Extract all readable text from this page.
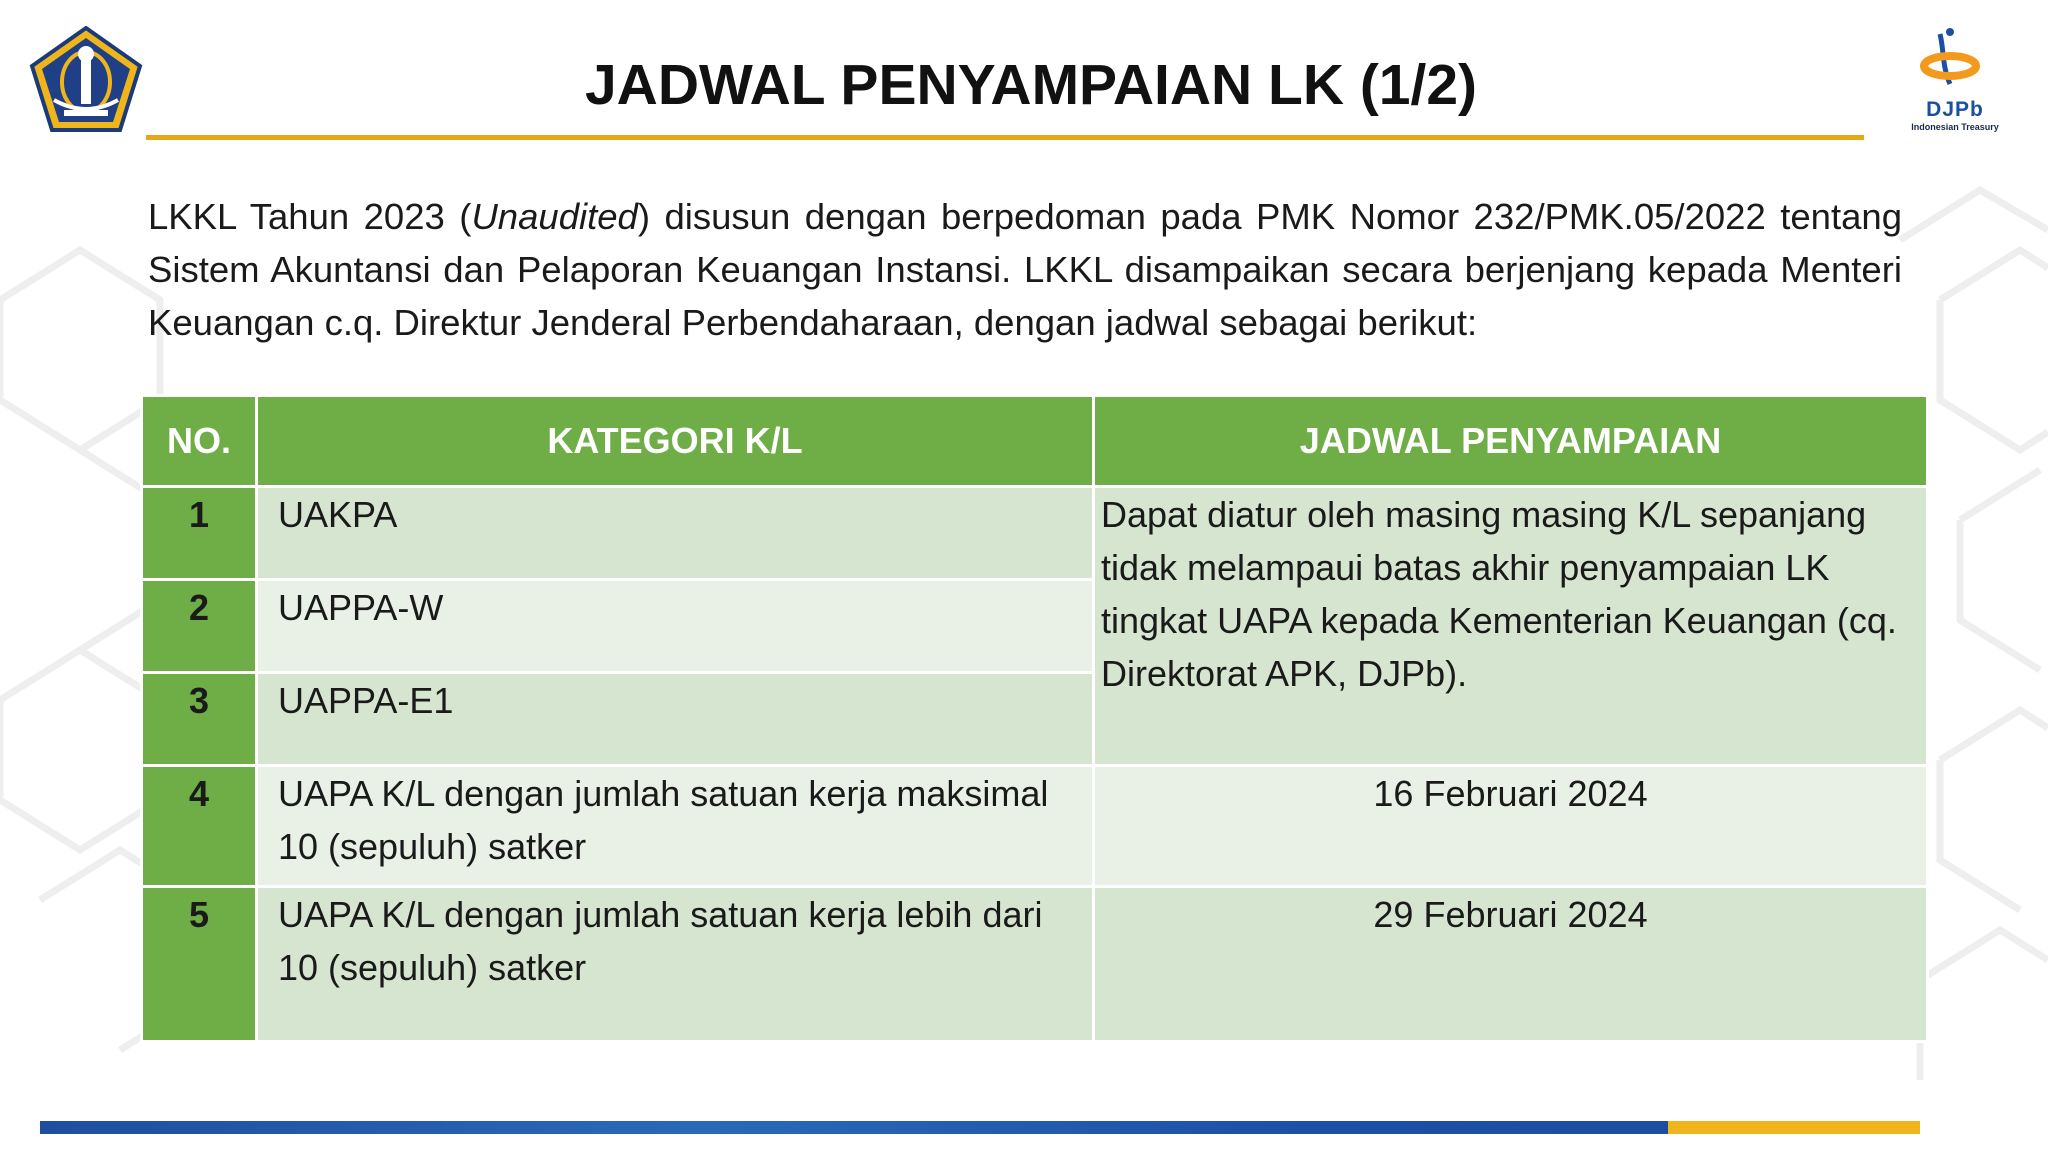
DJPb
Indonesian Treasury
JADWAL PENYAMPAIAN LK (1/2)
LKKL Tahun 2023 (Unaudited) disusun dengan berpedoman pada PMK Nomor 232/PMK.05/2022 tentang Sistem Akuntansi dan Pelaporan Keuangan Instansi. LKKL disampaikan secara berjenjang kepada Menteri Keuangan c.q. Direktur Jenderal Perbendaharaan, dengan jadwal sebagai berikut:
NO.	KATEGORI K/L	JADWAL PENYAMPAIAN
1	UAKPA	Dapat diatur oleh masing masing K/L sepanjang tidak melampaui batas akhir penyampaian LK tingkat UAPA kepada Kementerian Keuangan (cq. Direktorat APK, DJPb).
2	UAPPA-W	
3	UAPPA-E1	
4	UAPA K/L dengan jumlah satuan kerja maksimal 10 (sepuluh) satker	16 Februari 2024
5	UAPA K/L dengan jumlah satuan kerja lebih dari 10 (sepuluh) satker	29 Februari 2024
